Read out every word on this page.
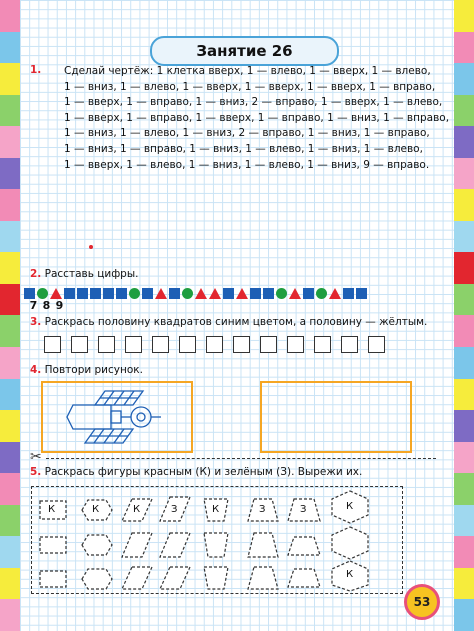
Занятие 26
1. Сделай чертёж: 1 клетка вверх, 1 — влево, 1 — вверх, 1 — влево,
1 — вниз, 1 — влево, 1 — вверх, 1 — вверх, 1 — вверх, 1 — вправо,
1 — вверх, 1 — вправо, 1 — вниз, 2 — вправо, 1 — вверх, 1 — влево,
1 — вверх, 1 — вправо, 1 — вверх, 1 — вправо, 1 — вниз, 1 — вправо,
1 — вниз, 1 — влево, 1 — вниз, 2 — вправо, 1 — вниз, 1 — вправо,
1 — вниз, 1 — вправо, 1 — вниз, 1 — влево, 1 — вниз, 1 — влево,
1 — вверх, 1 — влево, 1 — вниз, 1 — влево, 1 — вниз, 9 — вправо.
2. Расставь цифры.
7 8 9
3. Раскрась половину квадратов синим цветом, а половину — жёлтым.
4. Повтори рисунок.
✂
5. Раскрась фигуры красным (К) и зелёным (З). Вырежи их.
К	К	К	З	К	З	З	К
К
53
